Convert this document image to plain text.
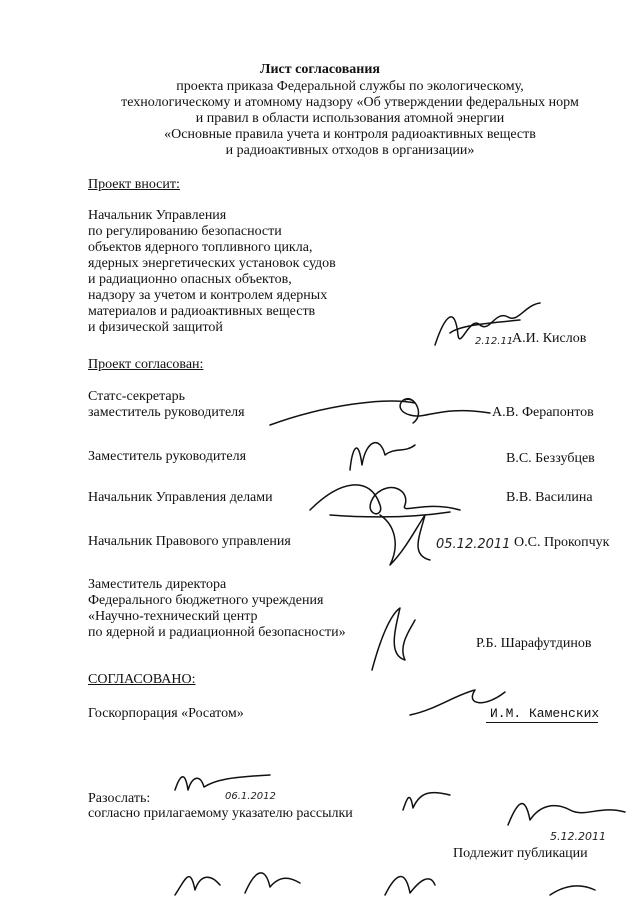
Лист согласования
проекта приказа Федеральной службы по экологическому,
технологическому и атомному надзору «Об утверждении федеральных норм
и правил в области использования атомной энергии
«Основные правила учета и контроля радиоактивных веществ
и радиоактивных отходов в организации»
Проект вносит:
Начальник Управления
по регулированию безопасности
объектов ядерного топливного цикла,
ядерных энергетических установок судов
и радиационно опасных объектов,
надзору за учетом и контролем ядерных
материалов и радиоактивных веществ
и физической защитой
2.12.11
А.И. Кислов
Проект согласован:
Статс-секретарь
заместитель руководителя	А.В. Ферапонтов
Заместитель руководителя	В.С. Беззубцев
Начальник Управления делами	В.В. Василина
Начальник Правового управления	О.С. Прокопчук
05.12.2011
Заместитель директора
Федерального бюджетного учреждения
«Научно-технический центр
по ядерной и радиационной безопасности»
Р.Б. Шарафутдинов
СОГЛАСОВАНО:
Госкорпорация «Росатом»	И.М. Каменских
Разослать:	06.1.2012
согласно прилагаемому указателю рассылки
5.12.2011
Подлежит публикации
